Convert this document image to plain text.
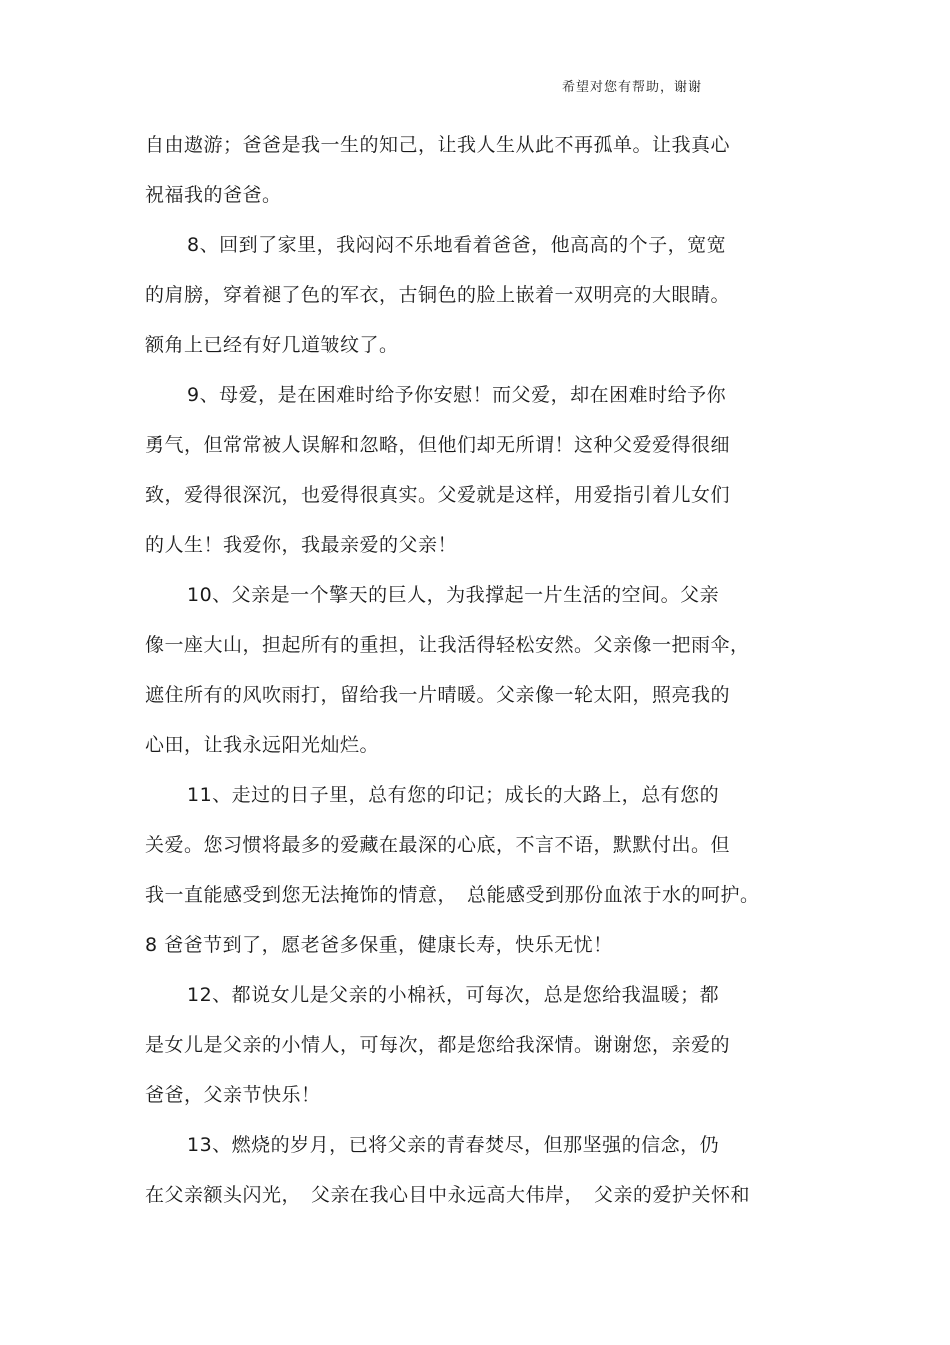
希望对您有帮助，谢谢
自由遨游；爸爸是我一生的知己，让我人生从此不再孤单。让我真心
祝福我的爸爸。
8、回到了家里，我闷闷不乐地看着爸爸，他高高的个子，宽宽
的肩膀，穿着褪了色的军衣，古铜色的脸上嵌着一双明亮的大眼睛。
额角上已经有好几道皱纹了。
9、母爱，是在困难时给予你安慰！而父爱，却在困难时给予你
勇气，但常常被人误解和忽略，但他们却无所谓！这种父爱爱得很细
致，爱得很深沉，也爱得很真实。父爱就是这样，用爱指引着儿女们
的人生！我爱你，我最亲爱的父亲！
10、父亲是一个擎天的巨人，为我撑起一片生活的空间。父亲
像一座大山，担起所有的重担，让我活得轻松安然。父亲像一把雨伞，
遮住所有的风吹雨打，留给我一片晴暖。父亲像一轮太阳，照亮我的
心田，让我永远阳光灿烂。
11、走过的日子里，总有您的印记；成长的大路上，总有您的
关爱。您习惯将最多的爱藏在最深的心底，不言不语，默默付出。但
我一直能感受到您无法掩饰的情意，　总能感受到那份血浓于水的呵护。
8 爸爸节到了，愿老爸多保重，健康长寿，快乐无忧！
12、都说女儿是父亲的小棉袄，可每次，总是您给我温暖；都
是女儿是父亲的小情人，可每次，都是您给我深情。谢谢您，亲爱的
爸爸，父亲节快乐！
13、燃烧的岁月，已将父亲的青春焚尽，但那坚强的信念，仍
在父亲额头闪光，　父亲在我心目中永远高大伟岸，　父亲的爱护关怀和
